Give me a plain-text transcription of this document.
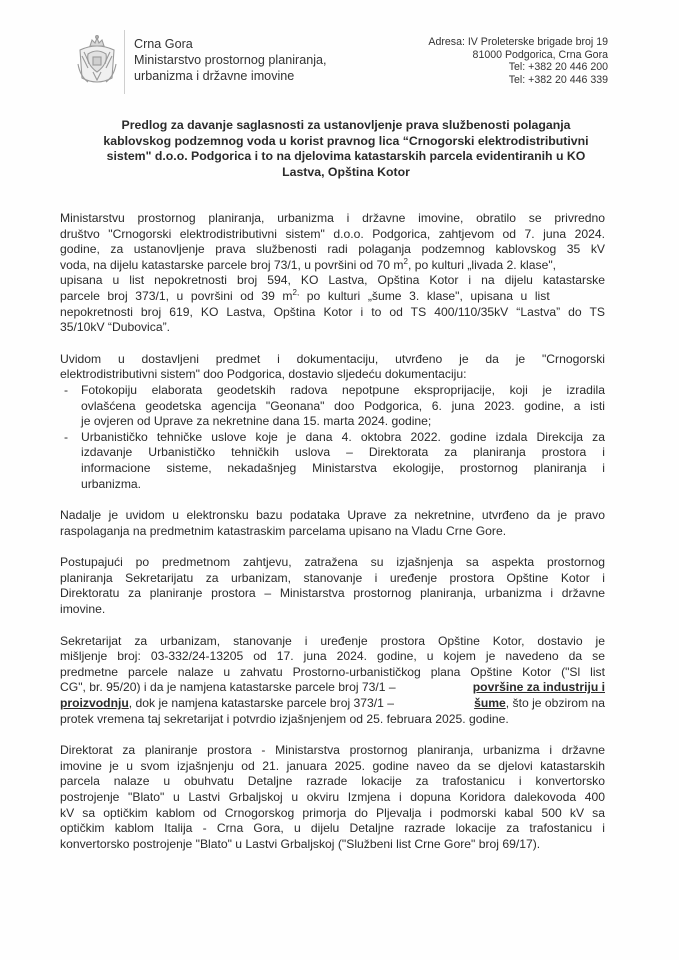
Crna Gora
Ministarstvo prostornog planiranja,
urbanizma i državne imovine
Adresa: IV Proleterske brigade broj 19
81000 Podgorica, Crna Gora
Tel: +382 20 446 200
Tel: +382 20 446 339
Predlog za davanje saglasnosti za ustanovljenje prava službenosti polaganja
kablovskog podzemnog voda u korist pravnog lica “Crnogorski elektrodistributivni
sistem" d.o.o. Podgorica i to na djelovima katastarskih parcela evidentiranih u KO
Lastva, Opština Kotor
Ministarstvu prostornog planiranja, urbanizma i državne imovine, obratilo se privredno
društvo "Crnogorski elektrodistributivni sistem" d.o.o. Podgorica, zahtjevom od 7. juna 2024.
godine, za ustanovljenje prava službenosti radi polaganja podzemnog kablovskog 35 kV
voda, na dijelu katastarske parcele broj 73/1, u površini od 70 $m^2$, po kulturi „livada 2. klase",
upisana u list nepokretnosti broj 594, KO Lastva, Opština Kotor i na dijelu katastarske
parcele broj 373/1, u površini od 39 $m^{2,}$ po kulturi „šume 3. klase", upisana u list
nepokretnosti broj 619, KO Lastva, Opština Kotor i to od TS 400/110/35kV “Lastva” do TS
35/10kV “Dubovica”.
Uvidom u dostavljeni predmet i dokumentaciju, utvrđeno je da je "Crnogorski
elektrodistributivni sistem" doo Podgorica, dostavio sljedeću dokumentaciju:
- Fotokopiju elaborata geodetskih radova nepotpune eksproprijacije, koji je izradila
ovlašćena geodetska agencija "Geonana" doo Podgorica, 6. juna 2023. godine, a isti
je ovjeren od Uprave za nekretnine dana 15. marta 2024. godine;
- Urbanističko tehničke uslove koje je dana 4. oktobra 2022. godine izdala Direkcija za
izdavanje Urbanističko tehničkih uslova – Direktorata za planiranja prostora i
informacione sisteme, nekadašnjeg Ministarstva ekologije, prostornog planiranja i
urbanizma.
Nadalje je uvidom u elektronsku bazu podataka Uprave za nekretnine, utvrđeno da je pravo
raspolaganja na predmetnim katastraskim parcelama upisano na Vladu Crne Gore.
Postupajući po predmetnom zahtjevu, zatražena su izjašnjenja sa aspekta prostornog
planiranja Sekretarijatu za urbanizam, stanovanje i uređenje prostora Opštine Kotor i
Direktoratu za planiranje prostora – Ministarstva prostornog planiranja, urbanizma i državne
imovine.
Sekretarijat za urbanizam, stanovanje i uređenje prostora Opštine Kotor, dostavio je
mišljenje broj: 03-332/24-13205 od 17. juna 2024. godine, u kojem je navedeno da se
predmetne parcele nalaze u zahvatu Prostorno-urbanističkog plana Opštine Kotor ("Sl list
CG", br. 95/20) i da je namjena katastarske parcele broj 73/1 –	površine za industriju i
proizvodnju, dok je namjena katastarske parcele broj 373/1 –	šume, što je obzirom na
protek vremena taj sekretarijat i potvrdio izjašnjenjem od 25. februara 2025. godine.
Direktorat za planiranje prostora - Ministarstva prostornog planiranja, urbanizma i državne
imovine je u svom izjašnjenju od 21. januara 2025. godine naveo da se djelovi katastarskih
parcela nalaze u obuhvatu Detaljne razrade lokacije za trafostanicu i konvertorsko
postrojenje "Blato" u Lastvi Grbaljskoj u okviru Izmjena i dopuna Koridora dalekovoda 400
kV sa optičkim kablom od Crnogorskog primorja do Pljevalja i podmorski kabal 500 kV sa
optičkim kablom Italija - Crna Gora, u dijelu Detaljne razrade lokacije za trafostanicu i
konvertorsko postrojenje "Blato" u Lastvi Grbaljskoj ("Službeni list Crne Gore" broj 69/17).
